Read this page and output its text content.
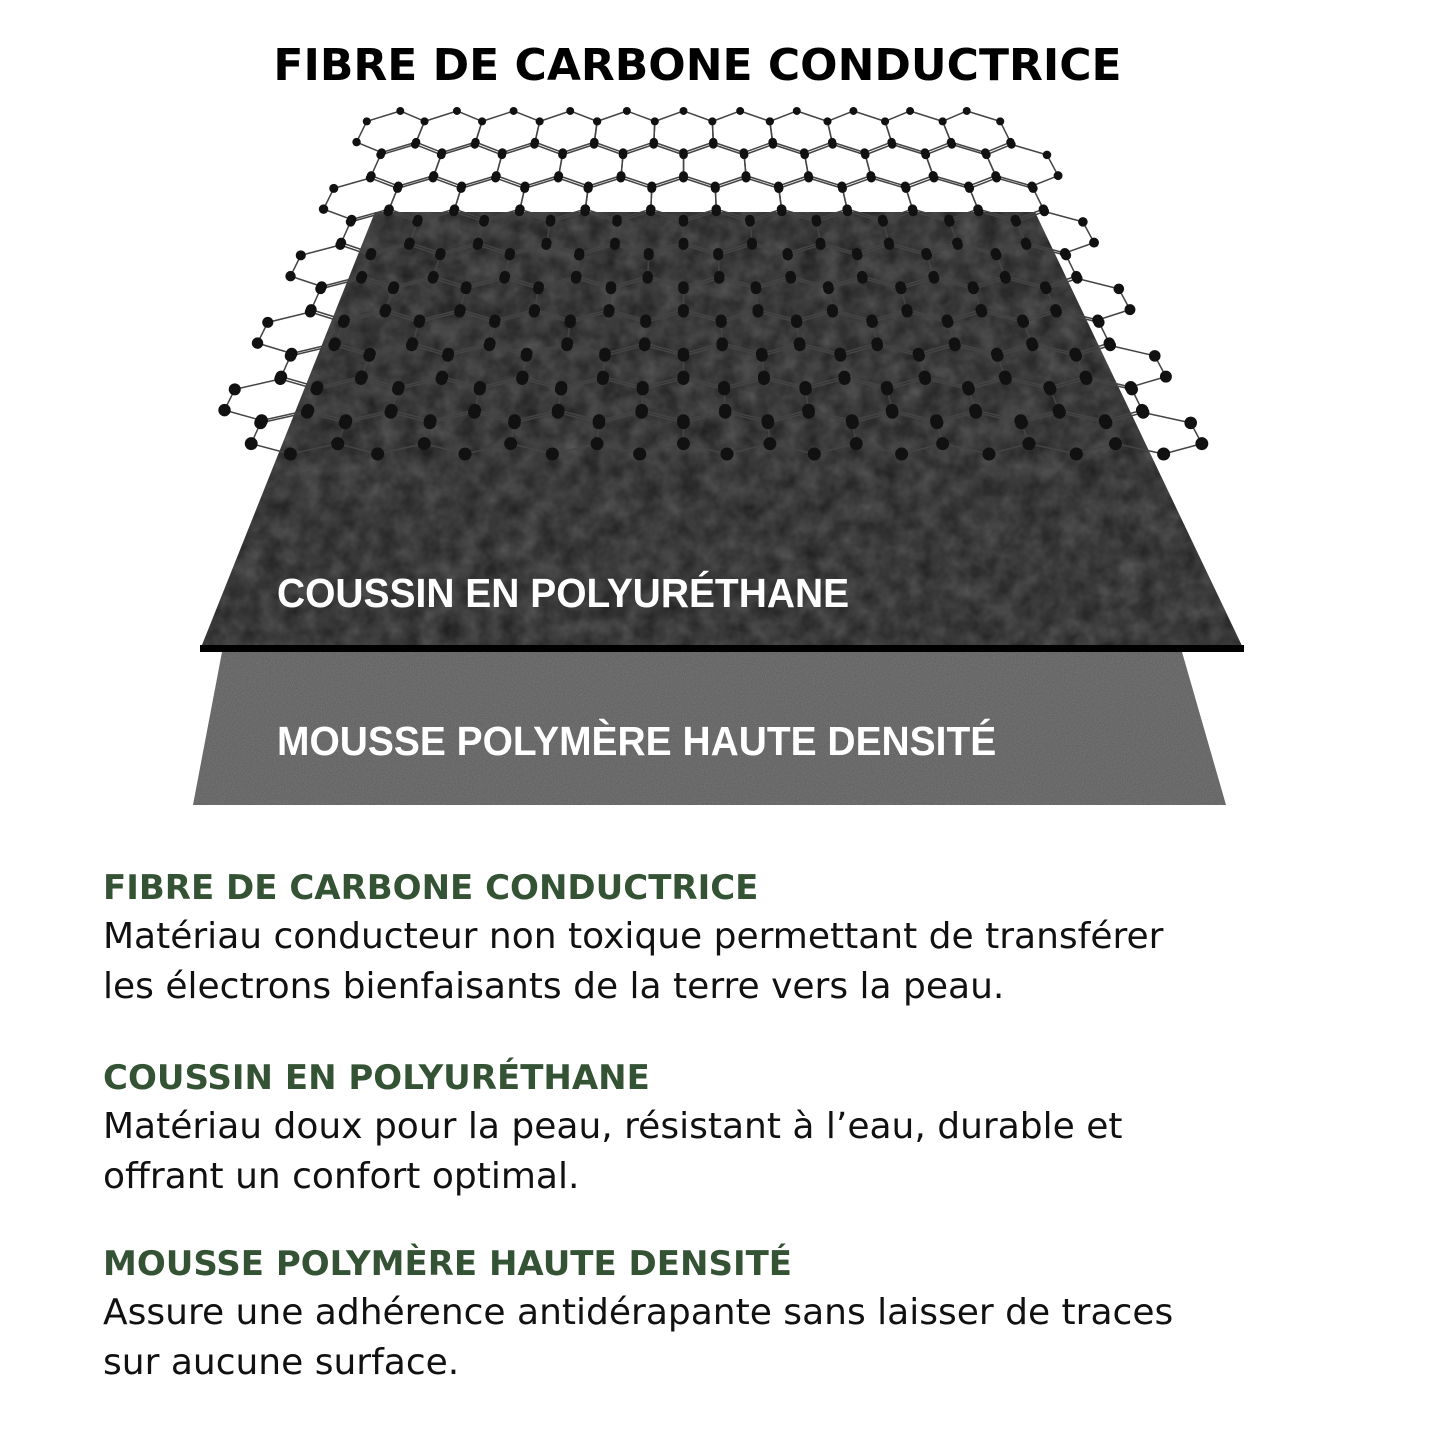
FIBRE DE CARBONE CONDUCTRICE
COUSSIN EN POLYURÉTHANE
MOUSSE POLYMÈRE HAUTE DENSITÉ
FIBRE DE CARBONE CONDUCTRICE

Matériau conducteur non toxique permettant de transférer
les électrons bienfaisants de la terre vers la peau.

COUSSIN EN POLYURÉTHANE

Matériau doux pour la peau, résistant à l’eau, durable et
offrant un confort optimal.

MOUSSE POLYMÈRE HAUTE DENSITÉ

Assure une adhérence antidérapante sans laisser de traces
sur aucune surface.
